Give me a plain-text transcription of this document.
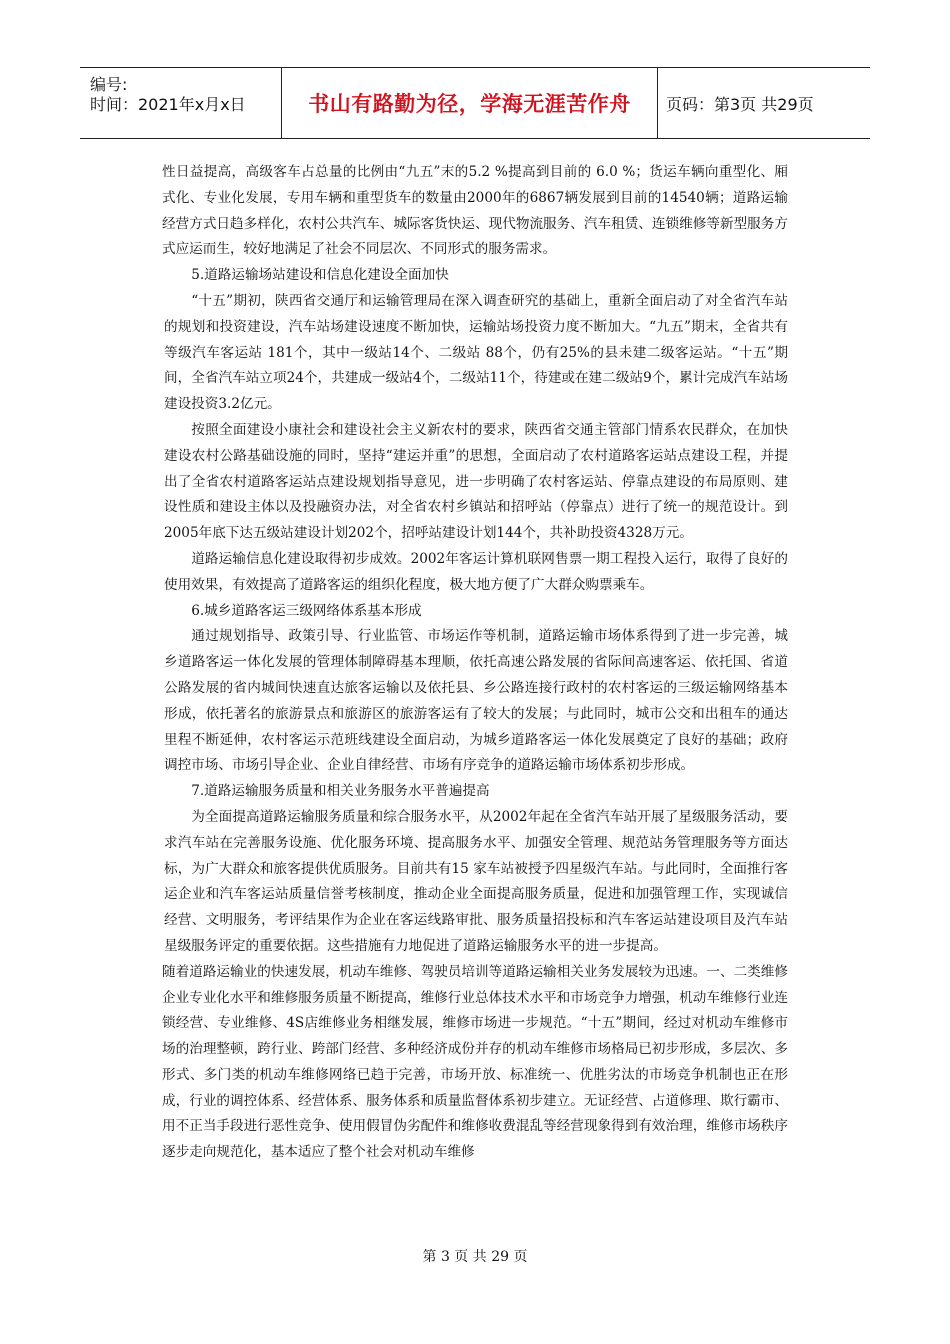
编号:
时间：2021年x月x日	书山有路勤为径，学海无涯苦作舟	页码：第3页 共29页

性日益提高，高级客车占总量的比例由“九五”末的5.2 %提高到目前的 6.0 %；货运车辆向重型化、厢式化、专业化发展，专用车辆和重型货车的数量由2000年的6867辆发展到目前的14540辆；道路运输经营方式日趋多样化，农村公共汽车、城际客货快运、现代物流服务、汽车租赁、连锁维修等新型服务方式应运而生，较好地满足了社会不同层次、不同形式的服务需求。

5.道路运输场站建设和信息化建设全面加快

“十五”期初，陕西省交通厅和运输管理局在深入调查研究的基础上，重新全面启动了对全省汽车站的规划和投资建设，汽车站场建设速度不断加快，运输站场投资力度不断加大。“九五”期末，全省共有等级汽车客运站 181个，其中一级站14个、二级站 88个，仍有25%的县未建二级客运站。“十五”期间，全省汽车站立项24个，共建成一级站4个，二级站11个，待建或在建二级站9个，累计完成汽车站场建设投资3.2亿元。

按照全面建设小康社会和建设社会主义新农村的要求，陕西省交通主管部门情系农民群众，在加快建设农村公路基础设施的同时，坚持“建运并重”的思想，全面启动了农村道路客运站点建设工程，并提出了全省农村道路客运站点建设规划指导意见，进一步明确了农村客运站、停靠点建设的布局原则、建设性质和建设主体以及投融资办法，对全省农村乡镇站和招呼站（停靠点）进行了统一的规范设计。到2005年底下达五级站建设计划202个，招呼站建设计划144个，共补助投资4328万元。

道路运输信息化建设取得初步成效。2002年客运计算机联网售票一期工程投入运行，取得了良好的使用效果，有效提高了道路客运的组织化程度，极大地方便了广大群众购票乘车。

6.城乡道路客运三级网络体系基本形成

通过规划指导、政策引导、行业监管、市场运作等机制，道路运输市场体系得到了进一步完善，城乡道路客运一体化发展的管理体制障碍基本理顺，依托高速公路发展的省际间高速客运、依托国、省道公路发展的省内城间快速直达旅客运输以及依托县、乡公路连接行政村的农村客运的三级运输网络基本形成，依托著名的旅游景点和旅游区的旅游客运有了较大的发展；与此同时，城市公交和出租车的通达里程不断延伸，农村客运示范班线建设全面启动，为城乡道路客运一体化发展奠定了良好的基础；政府调控市场、市场引导企业、企业自律经营、市场有序竞争的道路运输市场体系初步形成。

7.道路运输服务质量和相关业务服务水平普遍提高

为全面提高道路运输服务质量和综合服务水平，从2002年起在全省汽车站开展了星级服务活动，要求汽车站在完善服务设施、优化服务环境、提高服务水平、加强安全管理、规范站务管理服务等方面达标，为广大群众和旅客提供优质服务。目前共有15 家车站被授予四星级汽车站。与此同时，全面推行客运企业和汽车客运站质量信誉考核制度，推动企业全面提高服务质量，促进和加强管理工作，实现诚信经营、文明服务，考评结果作为企业在客运线路审批、服务质量招投标和汽车客运站建设项目及汽车站星级服务评定的重要依据。这些措施有力地促进了道路运输服务水平的进一步提高。

随着道路运输业的快速发展，机动车维修、驾驶员培训等道路运输相关业务发展较为迅速。一、二类维修企业专业化水平和维修服务质量不断提高，维修行业总体技术水平和市场竞争力增强，机动车维修行业连锁经营、专业维修、4S店维修业务相继发展，维修市场进一步规范。“十五”期间，经过对机动车维修市场的治理整顿，跨行业、跨部门经营、多种经济成份并存的机动车维修市场格局已初步形成，多层次、多形式、多门类的机动车维修网络已趋于完善，市场开放、标准统一、优胜劣汰的市场竞争机制也正在形成，行业的调控体系、经营体系、服务体系和质量监督体系初步建立。无证经营、占道修理、欺行霸市、用不正当手段进行恶性竞争、使用假冒伪劣配件和维修收费混乱等经营现象得到有效治理，维修市场秩序逐步走向规范化，基本适应了整个社会对机动车维修

第 3 页 共 29 页
